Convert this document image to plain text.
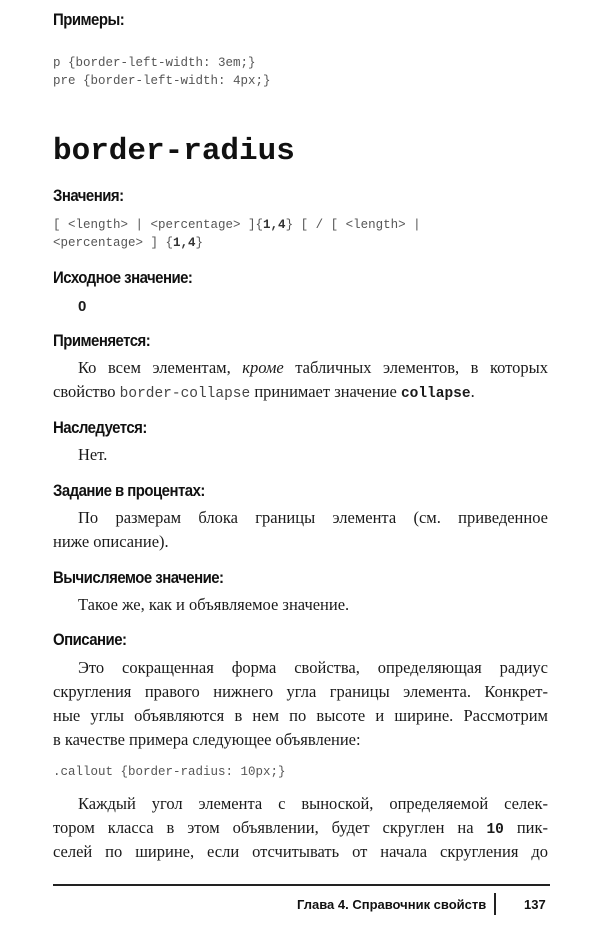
Примеры:
p {border-left-width: 3em;}
pre {border-left-width: 4px;}
border-radius
Значения:
[ <length> | <percentage> ]{1,4} [ / [ <length> |
<percentage> ] {1,4}
Исходное значение:
0
Применяется:
Ко всем элементам, кроме табличных элементов, в которых
свойство border-collapse принимает значение collapse.
Наследуется:
Нет.
Задание в процентах:
По размерам блока границы элемента (см. приведенное
ниже описание).
Вычисляемое значение:
Такое же, как и объявляемое значение.
Описание:
Это сокращенная форма свойства, определяющая радиус
скругления правого нижнего угла границы элемента. Конкрет-
ные углы объявляются в нем по высоте и ширине. Рассмотрим
в качестве примера следующее объявление:
.callout {border-radius: 10px;}
Каждый угол элемента с выноской, определяемой селек-
тором класса в этом объявлении, будет скруглен на 10 пик-
селей по ширине, если отсчитывать от начала скругления до
Глава 4. Справочник свойств	137
